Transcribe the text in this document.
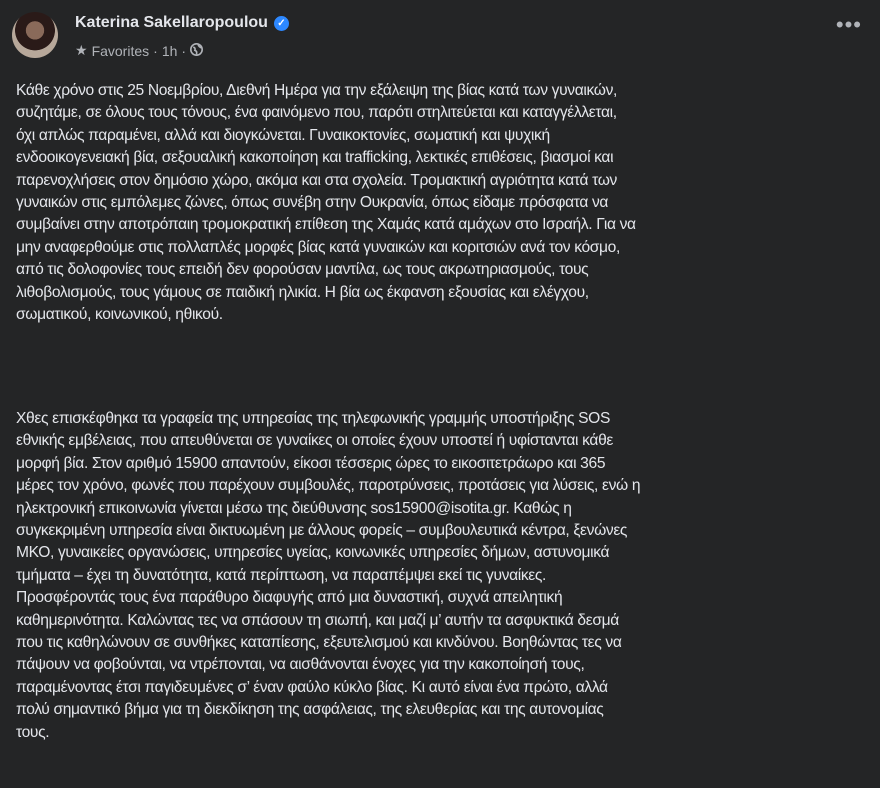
Katerina Sakellaropoulou ✓
★ Favorites · 1h ·
•••
Κάθε χρόνο στις 25 Νοεμβρίου, Διεθνή Ημέρα για την εξάλειψη της βίας κατά των γυναικών,
συζητάμε, σε όλους τους τόνους, ένα φαινόμενο που, παρότι στηλιτεύεται και καταγγέλλεται,
όχι απλώς παραμένει, αλλά και διογκώνεται. Γυναικοκτονίες, σωματική και ψυχική
ενδοοικογενειακή βία, σεξουαλική κακοποίηση και trafficking, λεκτικές επιθέσεις, βιασμοί και
παρενοχλήσεις στον δημόσιο χώρο, ακόμα και στα σχολεία. Τρομακτική αγριότητα κατά των
γυναικών στις εμπόλεμες ζώνες, όπως συνέβη στην Ουκρανία, όπως είδαμε πρόσφατα να
συμβαίνει στην αποτρόπαιη τρομοκρατική επίθεση της Χαμάς κατά αμάχων στο Ισραήλ. Για να
μην αναφερθούμε στις πολλαπλές μορφές βίας κατά γυναικών και κοριτσιών ανά τον κόσμο,
από τις δολοφονίες τους επειδή δεν φορούσαν μαντίλα, ως τους ακρωτηριασμούς, τους
λιθοβολισμούς, τους γάμους σε παιδική ηλικία. Η βία ως έκφανση εξουσίας και ελέγχου,
σωματικού, κοινωνικού, ηθικού.
Χθες επισκέφθηκα τα γραφεία της υπηρεσίας της τηλεφωνικής γραμμής υποστήριξης SOS
εθνικής εμβέλειας, που απευθύνεται σε γυναίκες οι οποίες έχουν υποστεί ή υφίστανται κάθε
μορφή βία. Στον αριθμό 15900 απαντούν, είκοσι τέσσερις ώρες το εικοσιτετράωρο και 365
μέρες τον χρόνο, φωνές που παρέχουν συμβουλές, παροτρύνσεις, προτάσεις για λύσεις, ενώ η
ηλεκτρονική επικοινωνία γίνεται μέσω της διεύθυνσης sos15900@isotita.gr. Καθώς η
συγκεκριμένη υπηρεσία είναι δικτυωμένη με άλλους φορείς – συμβουλευτικά κέντρα, ξενώνες
ΜΚΟ, γυναικείες οργανώσεις, υπηρεσίες υγείας, κοινωνικές υπηρεσίες δήμων, αστυνομικά
τμήματα – έχει τη δυνατότητα, κατά περίπτωση, να παραπέμψει εκεί τις γυναίκες.
Προσφέροντάς τους ένα παράθυρο διαφυγής από μια δυναστική, συχνά απειλητική
καθημερινότητα. Καλώντας τες να σπάσουν τη σιωπή, και μαζί μ’ αυτήν τα ασφυκτικά δεσμά
που τις καθηλώνουν σε συνθήκες καταπίεσης, εξευτελισμού και κινδύνου. Βοηθώντας τες να
πάψουν να φοβούνται, να ντρέπονται, να αισθάνονται ένοχες για την κακοποίησή τους,
παραμένοντας έτσι παγιδευμένες σ’ έναν φαύλο κύκλο βίας. Κι αυτό είναι ένα πρώτο, αλλά
πολύ σημαντικό βήμα για τη διεκδίκηση της ασφάλειας, της ελευθερίας και της αυτονομίας
τους.
